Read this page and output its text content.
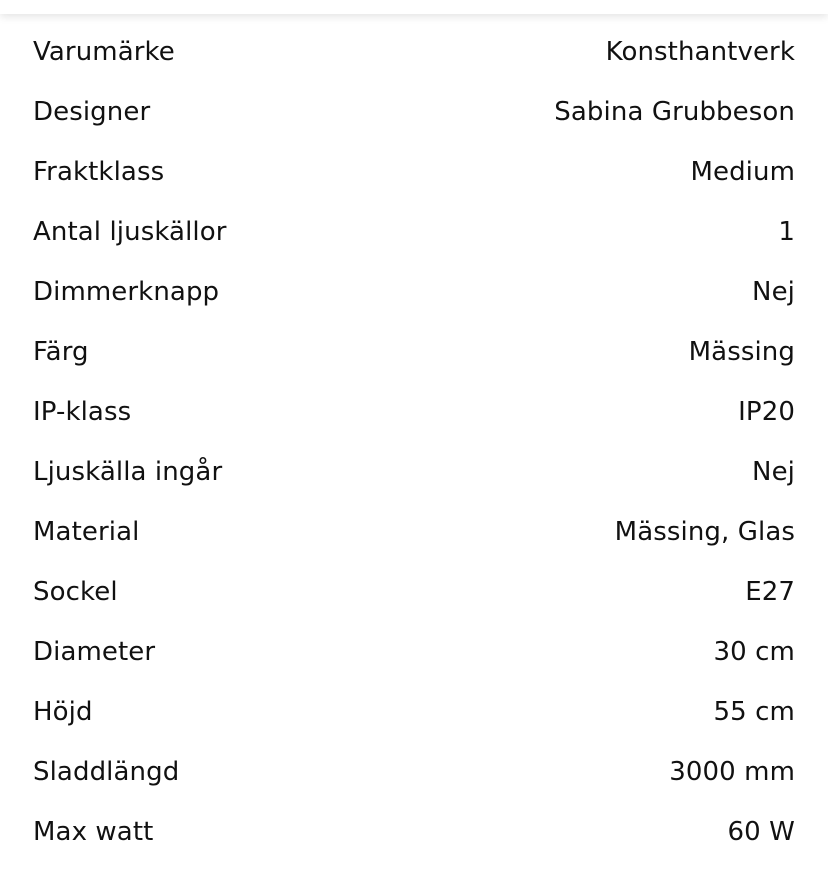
Varumärke	Konsthantverk
Designer	Sabina Grubbeson
Fraktklass	Medium
Antal ljuskällor	1
Dimmerknapp	Nej
Färg	Mässing
IP-klass	IP20
Ljuskälla ingår	Nej
Material	Mässing, Glas
Sockel	E27
Diameter	30 cm
Höjd	55 cm
Sladdlängd	3000 mm
Max watt	60 W
